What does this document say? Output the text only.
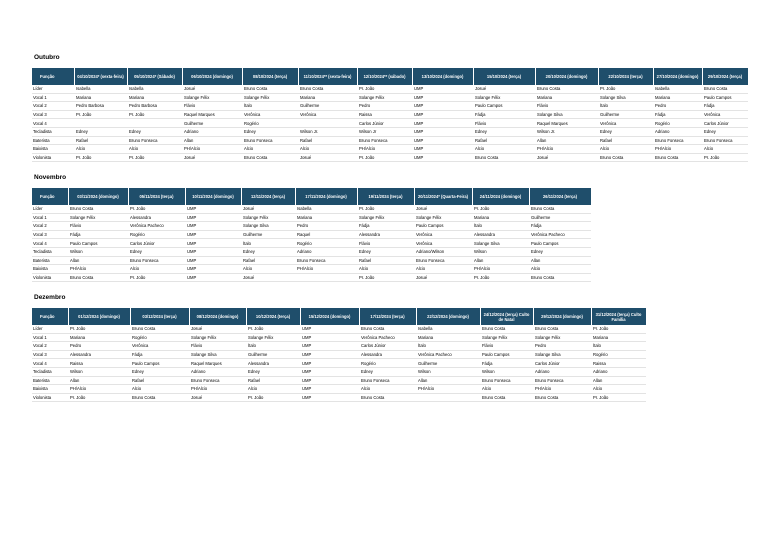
Outubro
Função	04/10/2024* (sexta-feira)	05/10/2024* (Sábado)	06/10/2024 (domingo)	08/10/2024 (terça)	11/10/2024** (sexta-feira)	12/10/2024** (sábado)	13/10/2024 (domingo)	15/10/2024 (terça)	20/10/2024 (domingo)	22/10/2024 (terça)	27/10/2024 (domingo)	29/10/2024 (terça)
Líder	Isabella	Isabella	Josué	Bruno Costa	Bruno Costa	Pr. João	UMP	Josué	Bruno Costa	Pr. João	Isabella	Bruno Costa
Vocal 1	Mariana	Mariana	Solange Félix	Solange Félix	Mariana	Solange Félix	UMP	Solange Félix	Mariana	Solange Silva	Mariana	Paulo Campos
Vocal 2	Pedro Barbosa	Pedro Barbosa	Flávio	Ítalo	Guilherme	Pedro	UMP	Paulo Campos	Flávio	Ítalo	Pedro	Fádja
Vocal 3	Pr. João	Pr. João	Raquel Marques	Verônica	Verônica	Raissa	UMP	Fádja	Solange Silva	Guilherme	Fádja	Verônica
Vocal 4			Guilherme	Rogério		Carlos Júnior	UMP	Flávio	Raquel Marques	Verônica	Rogério	Carlos Júnior
Tecladista	Edney	Edney	Adriano	Edney	Wilson Jr.	Wilson Jr	UMP	Edney	Wilson Jr.	Edney	Adriano	Edney
Baterista	Rafael	Bruno Fonseca	Allan	Bruno Fonseca	Rafael	Bruno Fonseca	UMP	Rafael	Allan	Rafael	Bruno Fonseca	Bruno Fonseca
Baixista	Alcio	Alcio	PH/Alcio	Alcio	Alcio	PH/Alcio	UMP	Alcio	PH/Alcio	Alcio	PH/Alcio	Alcio
Violonista	Pr. João	Pr. João	Josué	Bruno Costa	Josué	Pr. João	UMP	Bruno Costa	Josué	Bruno Costa	Bruno Costa	Pr. João
Novembro
Função	03/11/2024 (domingo)	05/11/2024 (terça)	10/11/2024 (domingo)	12/11/2024 (terça)	17/11/2024 (domingo)	19/11/2024 (terça)	20/11/2024* (Quarta-Feira)	24/11/2024 (domingo)	26/11/2024 (terça)
Líder	Bruno Costa	Pr. João	UMP	Josué	Isabella	Pr. João	Josué	Pr. João	Bruno Costa
Vocal 1	Solange Félix	Alessandra	UMP	Solange Félix	Mariana	Solange Félix	Solange Félix	Mariana	Guilherme
Vocal 2	Flávio	Verônica Pacheco	UMP	Solange Silva	Pedro	Fádja	Paulo Campos	Ítalo	Fádja
Vocal 3	Fádja	Rogério	UMP	Guilherme	Raquel	Alessandra	Verônica	Alessandra	Verônica Pacheco
Vocal 4	Paulo Campos	Carlos Júnior	UMP	Ítalo	Rogério	Flávio	Verônica	Solange Silva	Paulo Campos
Tecladista	Wilson	Edney	UMP	Edney	Adriano	Edney	Adriano/Wilson	Wilson	Edney
Baterista	Allan	Bruno Fonseca	UMP	Rafael	Bruno Fonseca	Rafael	Bruno Fonseca	Allan	Allan
Baixista	PH/Alcio	Alcio	UMP	Alcio	PH/Alcio	Alcio	Alcio	PH/Alcio	Alcio
Violonista	Bruno Costa	Pr. João	UMP	Josué		Pr. João	Josué	Pr. João	Bruno Costa
Dezembro
Função	01/12/2024 (domingo)	03/12/2024 (terça)	08/12/2024 (domingo)	10/12/2024 (terça)	15/12/2024 (domingo)	17/12/2024 (terça)	22/12/2024 (domingo)	24/12/2024 (terça) Culto de Natal	29/12/2024 (domingo)	31/12/2024 (terça) Culto Família
Líder	Pr. João	Bruno Costa	Josué	Pr. João	UMP	Bruno Costa	Isabella	Bruno Costa	Bruno Costa	Pr. João
Vocal 1	Mariana	Rogério	Solange Félix	Solange Félix	UMP	Verônica Pacheco	Mariana	Solange Félix	Solange Félix	Mariana
Vocal 2	Pedro	Verônica	Flávio	Ítalo	UMP	Carlos Júnior	Ítalo	Flávio	Pedro	Ítalo
Vocal 3	Alessandra	Fádja	Solange Silva	Guilherme	UMP	Alessandra	Verônica Pacheco	Paulo Campos	Solange Silva	Rogério
Vocal 4	Raissa	Paulo Campos	Raquel Marques	Alessandra	UMP	Rogério	Guilherme	Fádja	Carlos Júnior	Raissa
Tecladista	Wilson	Edney	Adriano	Edney	UMP	Edney	Wilson	Wilson	Adriano	Adriano
Baterista	Allan	Rafael	Bruno Fonseca	Rafael	UMP	Bruno Fonseca	Allan	Bruno Fonseca	Bruno Fonseca	Allan
Baixista	PH/Alcio	Alcio	PH/Alcio	Alcio	UMP	Alcio	PH/Alcio	Alcio	PH/Alcio	Alcio
Violonista	Pr. João	Bruno Costa	Josué	Pr. João	UMP	Bruno Costa		Bruno Costa	Bruno Costa	Pr. João
